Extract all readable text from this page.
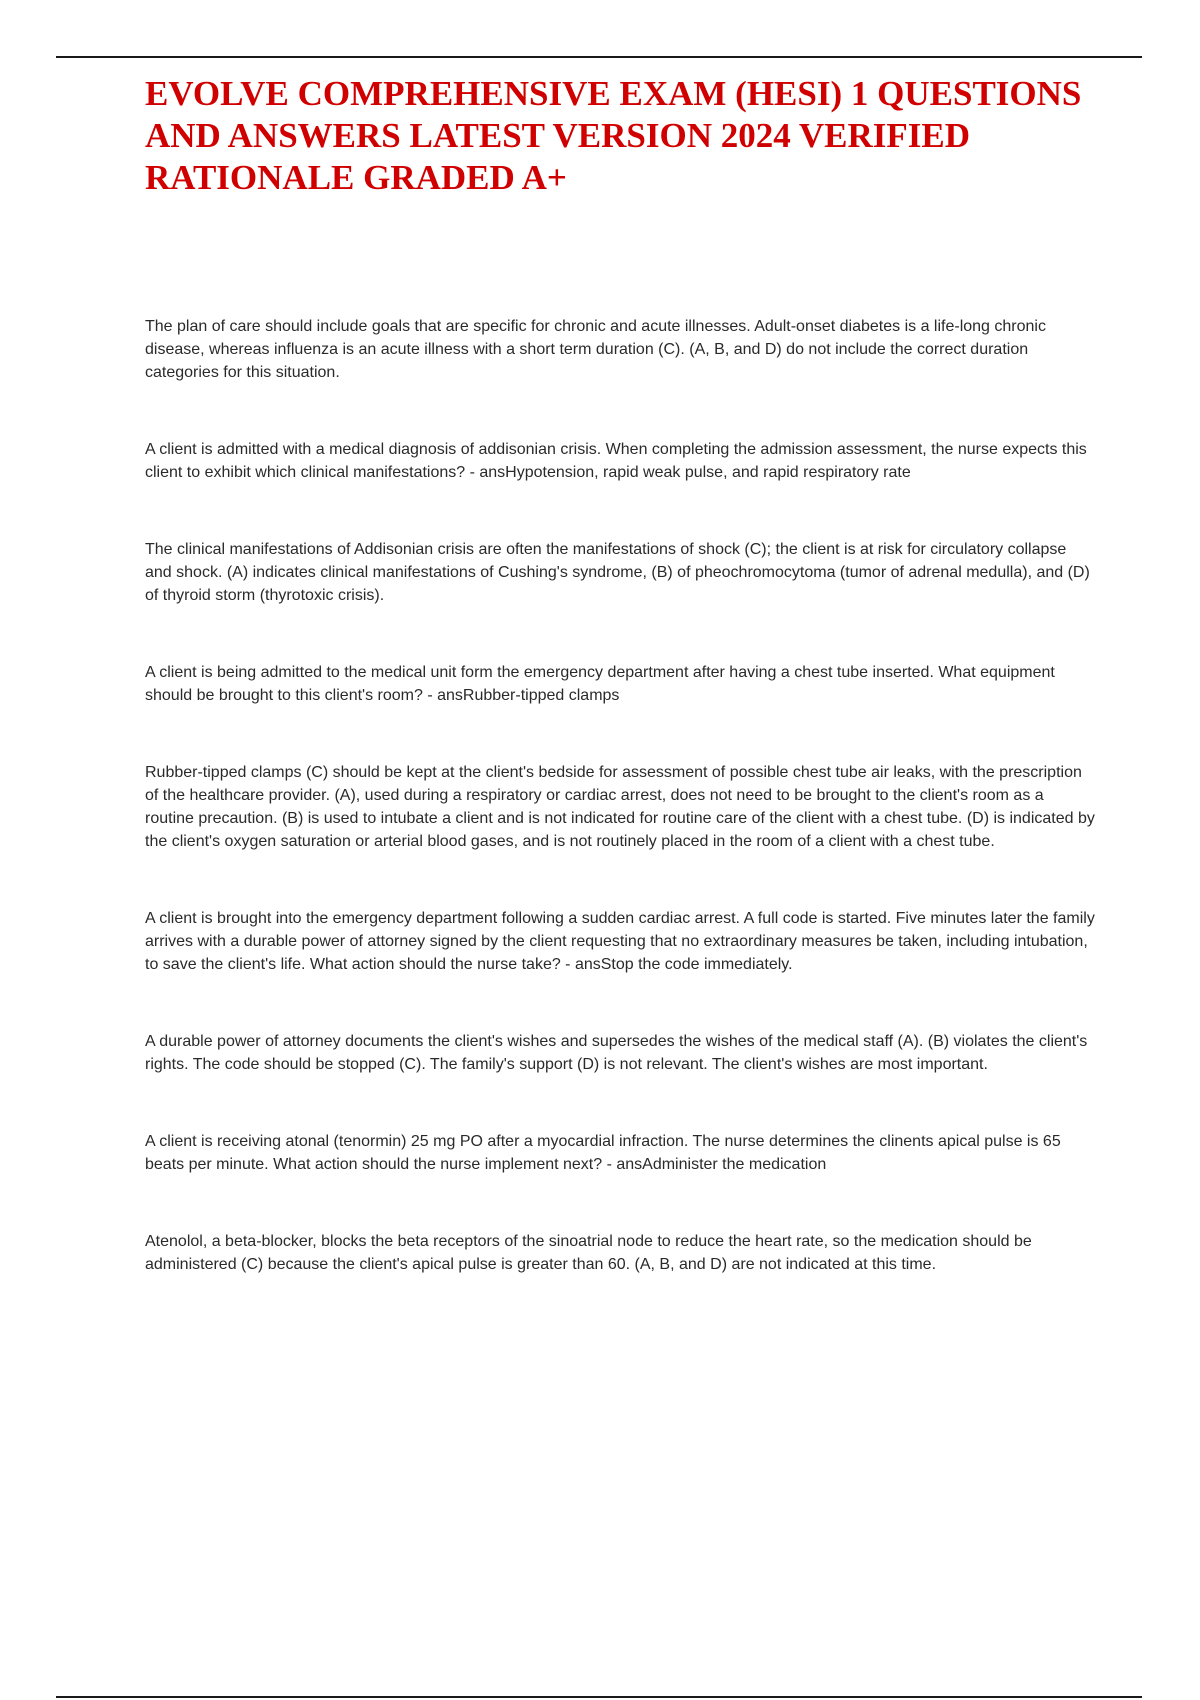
EVOLVE COMPREHENSIVE EXAM (HESI) 1 QUESTIONS AND ANSWERS LATEST VERSION 2024 VERIFIED RATIONALE GRADED A+

The plan of care should include goals that are specific for chronic and acute illnesses. Adult-onset diabetes is a life-long chronic disease, whereas influenza is an acute illness with a short term duration (C). (A, B, and D) do not include the correct duration categories for this situation.

A client is admitted with a medical diagnosis of addisonian crisis. When completing the admission assessment, the nurse expects this client to exhibit which clinical manifestations? - ansHypotension, rapid weak pulse, and rapid respiratory rate

The clinical manifestations of Addisonian crisis are often the manifestations of shock (C); the client is at risk for circulatory collapse and shock. (A) indicates clinical manifestations of Cushing's syndrome, (B) of pheochromocytoma (tumor of adrenal medulla), and (D) of thyroid storm (thyrotoxic crisis).

A client is being admitted to the medical unit form the emergency department after having a chest tube inserted. What equipment should be brought to this client's room? - ansRubber-tipped clamps

Rubber-tipped clamps (C) should be kept at the client's bedside for assessment of possible chest tube air leaks, with the prescription of the healthcare provider. (A), used during a respiratory or cardiac arrest, does not need to be brought to the client's room as a routine precaution. (B) is used to intubate a client and is not indicated for routine care of the client with a chest tube. (D) is indicated by the client's oxygen saturation or arterial blood gases, and is not routinely placed in the room of a client with a chest tube.

A client is brought into the emergency department following a sudden cardiac arrest. A full code is started. Five minutes later the family arrives with a durable power of attorney signed by the client requesting that no extraordinary measures be taken, including intubation, to save the client's life. What action should the nurse take? - ansStop the code immediately.

A durable power of attorney documents the client's wishes and supersedes the wishes of the medical staff (A). (B) violates the client's rights. The code should be stopped (C). The family's support (D) is not relevant. The client's wishes are most important.

A client is receiving atonal (tenormin) 25 mg PO after a myocardial infraction. The nurse determines the clinents apical pulse is 65 beats per minute. What action should the nurse implement next? - ansAdminister the medication

Atenolol, a beta-blocker, blocks the beta receptors of the sinoatrial node to reduce the heart rate, so the medication should be administered (C) because the client's apical pulse is greater than 60. (A, B, and D) are not indicated at this time.
